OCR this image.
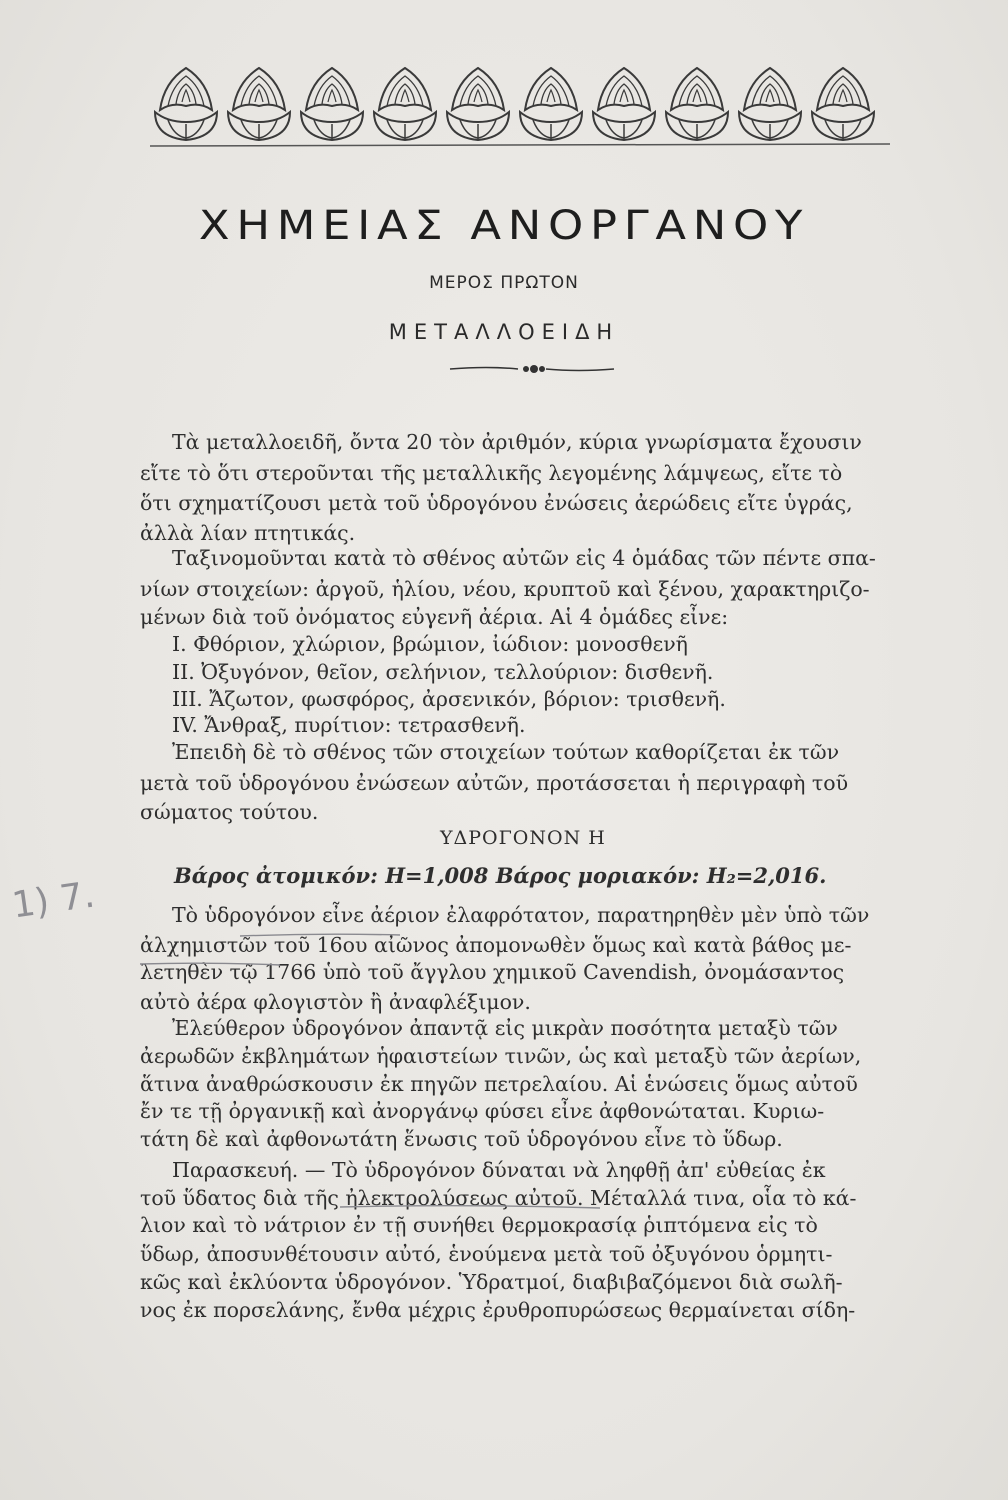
ΧΗΜΕΙΑΣ ΑΝΟΡΓΑΝΟΥ
ΜΕΡΟΣ ΠΡΩΤΟΝ
ΜΕΤΑΛΛΟΕΙΔΗ
Τὰ μεταλλοειδῆ, ὄντα 20 τὸν ἀριθμόν, κύρια γνωρίσματα ἔχουσιν
εἴτε τὸ ὅτι στεροῦνται τῆς μεταλλικῆς λεγομένης λάμψεως, εἴτε τὸ
ὅτι σχηματίζουσι μετὰ τοῦ ὑδρογόνου ἐνώσεις ἀερώδεις εἴτε ὑγράς,
ἀλλὰ λίαν πτητικάς.
Ταξινομοῦνται κατὰ τὸ σθένος αὐτῶν εἰς 4 ὁμάδας τῶν πέντε σπα-
νίων στοιχείων: ἀργοῦ, ἡλίου, νέου, κρυπτοῦ καὶ ξένου, χαρακτηριζο-
μένων διὰ τοῦ ὀνόματος εὐγενῆ ἀέρια. Αἱ 4 ὁμάδες εἶνε:
I. Φθόριον, χλώριον, βρώμιον, ἰώδιον: μονοσθενῆ
II. Ὀξυγόνον, θεῖον, σελήνιον, τελλούριον: δισθενῆ.
III. Ἄζωτον, φωσφόρος, ἀρσενικόν, βόριον: τρισθενῆ.
IV. Ἄνθραξ, πυρίτιον: τετρασθενῆ.
Ἐπειδὴ δὲ τὸ σθένος τῶν στοιχείων τούτων καθορίζεται ἐκ τῶν
μετὰ τοῦ ὑδρογόνου ἐνώσεων αὐτῶν, προτάσσεται ἡ περιγραφὴ τοῦ
σώματος τούτου.
ΥΔΡΟΓΟΝΟΝ Η
Βάρος ἀτομικόν: Η=1,008 Βάρος μοριακόν: Η₂=2,016.
Τὸ ὑδρογόνον εἶνε ἀέριον ἐλαφρότατον, παρατηρηθὲν μὲν ὑπὸ τῶν
ἀλχημιστῶν τοῦ 16ου αἰῶνος ἀπομονωθὲν ὅμως καὶ κατὰ βάθος με-
λετηθὲν τῷ 1766 ὑπὸ τοῦ ἄγγλου χημικοῦ Cavendish, ὀνομάσαντος
αὐτὸ ἀέρα φλογιστὸν ἢ ἀναφλέξιμον.
Ἐλεύθερον ὑδρογόνον ἀπαντᾷ εἰς μικρὰν ποσότητα μεταξὺ τῶν
ἀερωδῶν ἐκβλημάτων ἡφαιστείων τινῶν, ὡς καὶ μεταξὺ τῶν ἀερίων,
ἅτινα ἀναθρώσκουσιν ἐκ πηγῶν πετρελαίου. Αἱ ἑνώσεις ὅμως αὐτοῦ
ἔν τε τῇ ὀργανικῇ καὶ ἀνοργάνῳ φύσει εἶνε ἀφθονώταται. Κυριω-
τάτη δὲ καὶ ἀφθονωτάτη ἕνωσις τοῦ ὑδρογόνου εἶνε τὸ ὕδωρ.
Παρασκευή. — Τὸ ὑδρογόνον δύναται νὰ ληφθῇ ἀπ' εὐθείας ἐκ
τοῦ ὕδατος διὰ τῆς ἠλεκτρολύσεως αὐτοῦ. Μέταλλά τινα, οἷα τὸ κά-
λιον καὶ τὸ νάτριον ἐν τῇ συνήθει θερμοκρασίᾳ ῥιπτόμενα εἰς τὸ
ὕδωρ, ἀποσυνθέτουσιν αὐτό, ἑνούμενα μετὰ τοῦ ὀξυγόνου ὁρμητι-
κῶς καὶ ἐκλύοντα ὑδρογόνον. Ὑδρατμοί, διαβιβαζόμενοι διὰ σωλῆ-
νος ἐκ πορσελάνης, ἔνθα μέχρις ἐρυθροπυρώσεως θερμαίνεται σίδη-
1) 7.
